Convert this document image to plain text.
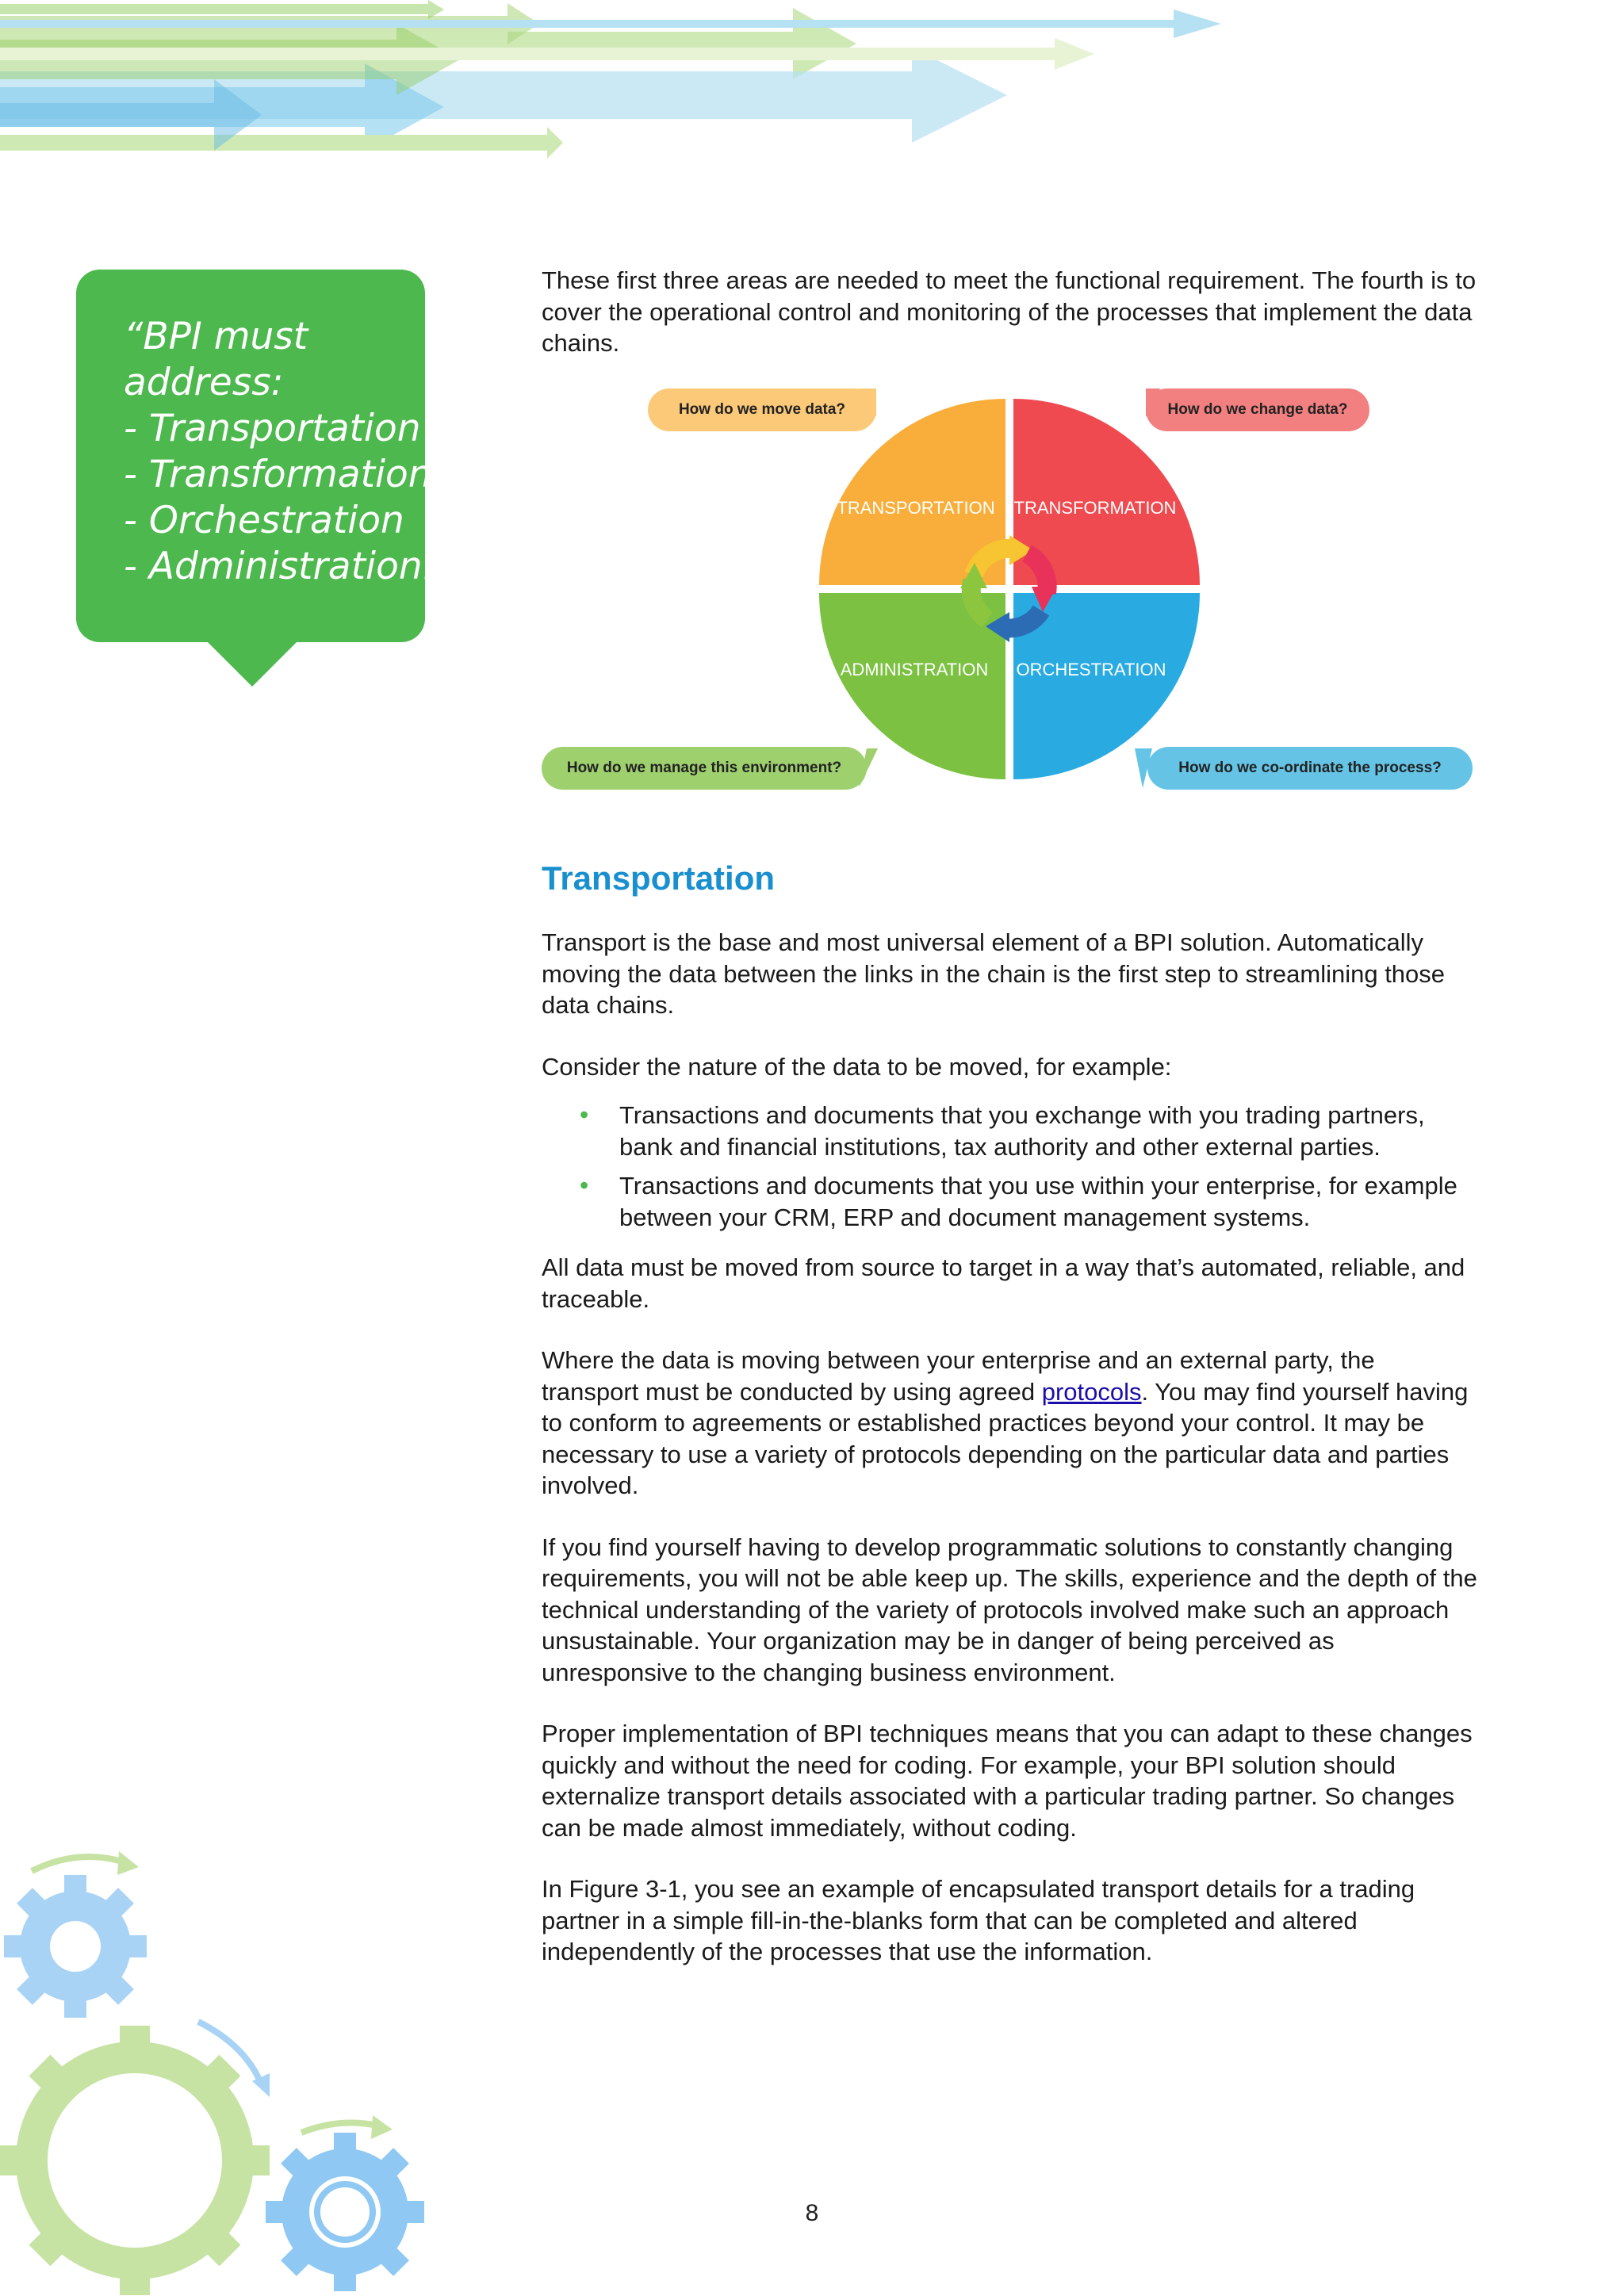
“BPI must
address:
- Transportation
- Transformation
- Orchestration
- Administration.“

These first three areas are needed to meet the functional requirement. The fourth is to cover the operational control and monitoring of the processes that implement the data chains.

TRANSPORTATION TRANSFORMATION
ADMINISTRATION ORCHESTRATION
How do we move data?	How do we change data?
How do we manage this environment?	How do we co-ordinate the process?
Transportation

Transport is the base and most universal element of a BPI solution. Automatically moving the data between the links in the chain is the first step to streamlining those data chains.

Consider the nature of the data to be moved, for example:

• Transactions and documents that you exchange with you trading partners, bank and financial institutions, tax authority and other external parties.
• Transactions and documents that you use within your enterprise, for example between your CRM, ERP and document management systems.

All data must be moved from source to target in a way that’s automated, reliable, and traceable.

Where the data is moving between your enterprise and an external party, the transport must be conducted by using agreed protocols. You may find yourself having to conform to agreements or established practices beyond your control. It may be necessary to use a variety of protocols depending on the particular data and parties involved.

If you find yourself having to develop programmatic solutions to constantly changing requirements, you will not be able keep up. The skills, experience and the depth of the technical understanding of the variety of protocols involved make such an approach unsustainable. Your organization may be in danger of being perceived as unresponsive to the changing business environment.

Proper implementation of BPI techniques means that you can adapt to these changes quickly and without the need for coding. For example, your BPI solution should externalize transport details associated with a particular trading partner. So changes can be made almost immediately, without coding.

In Figure 3-1, you see an example of encapsulated transport details for a trading partner in a simple fill-in-the-blanks form that can be completed and altered independently of the processes that use the information.

8
